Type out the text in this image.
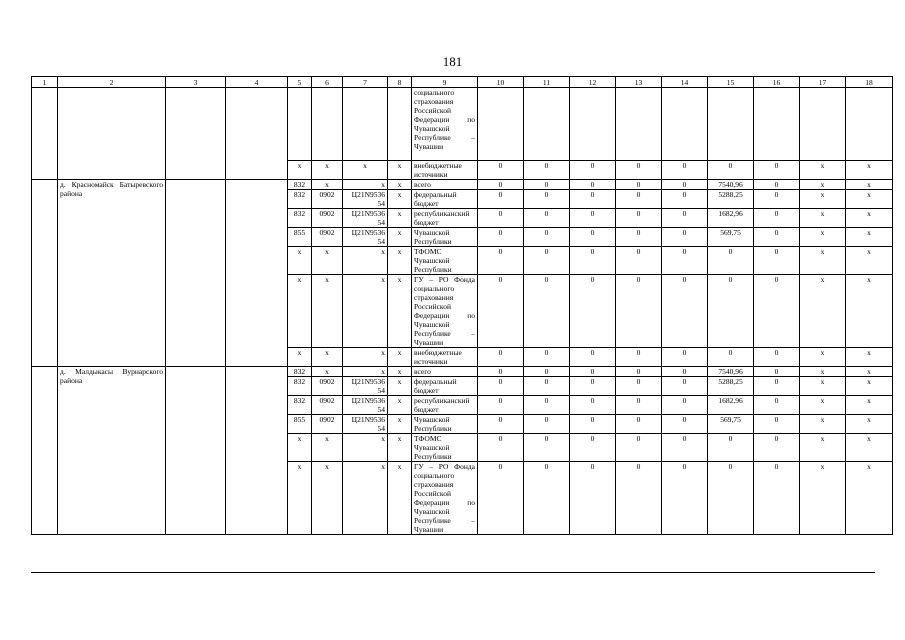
181
1	2	3	4	5	6	7	8	9	10	11	12	13	14	15	16	17	18
								социального страхования Российской Федерации по Чувашской Республике – Чувашии									
				x	x	x	x	внебюджетные источники	0	0	0	0	0	0	0	x	x
	д. Красномайск Батыревского района			832	x	x	x	всего	0	0	0	0	0	7540,96	0	x	x
				832	0902	Ц21N9536 54	x	федеральный бюджет	0	0	0	0	0	5288,25	0	x	x
				832	0902	Ц21N9536 54	x	республиканский бюджет	0	0	0	0	0	1682,96	0	x	x
				855	0902	Ц21N9536 54	x	Чувашской Республики	0	0	0	0	0	569,75	0	x	x
				x	x	x	x	ТФОМС Чувашской Республики	0	0	0	0	0	0	0	x	x
				x	x	x	x	ГУ – РО Фонда социального страхования Российской Федерации по Чувашской Республике – Чувашии	0	0	0	0	0	0	0	x	x
				x	x	x	x	внебюджетные источники	0	0	0	0	0	0	0	x	x
	д. Малдыкасы Вурнарского района			832	x	x	x	всего	0	0	0	0	0	7540,96	0	x	x
				832	0902	Ц21N9536 54	x	федеральный бюджет	0	0	0	0	0	5288,25	0	x	x
				832	0902	Ц21N9536 54	x	республиканский бюджет	0	0	0	0	0	1682,96	0	x	x
				855	0902	Ц21N9536 54	x	Чувашской Республики	0	0	0	0	0	569,75	0	x	x
				x	x	x	x	ТФОМС Чувашской Республики	0	0	0	0	0	0	0	x	x
				x	x	x	x	ГУ – РО Фонда социального страхования Российской Федерации по Чувашской Республике – Чувашии	0	0	0	0	0	0	0	x	x
